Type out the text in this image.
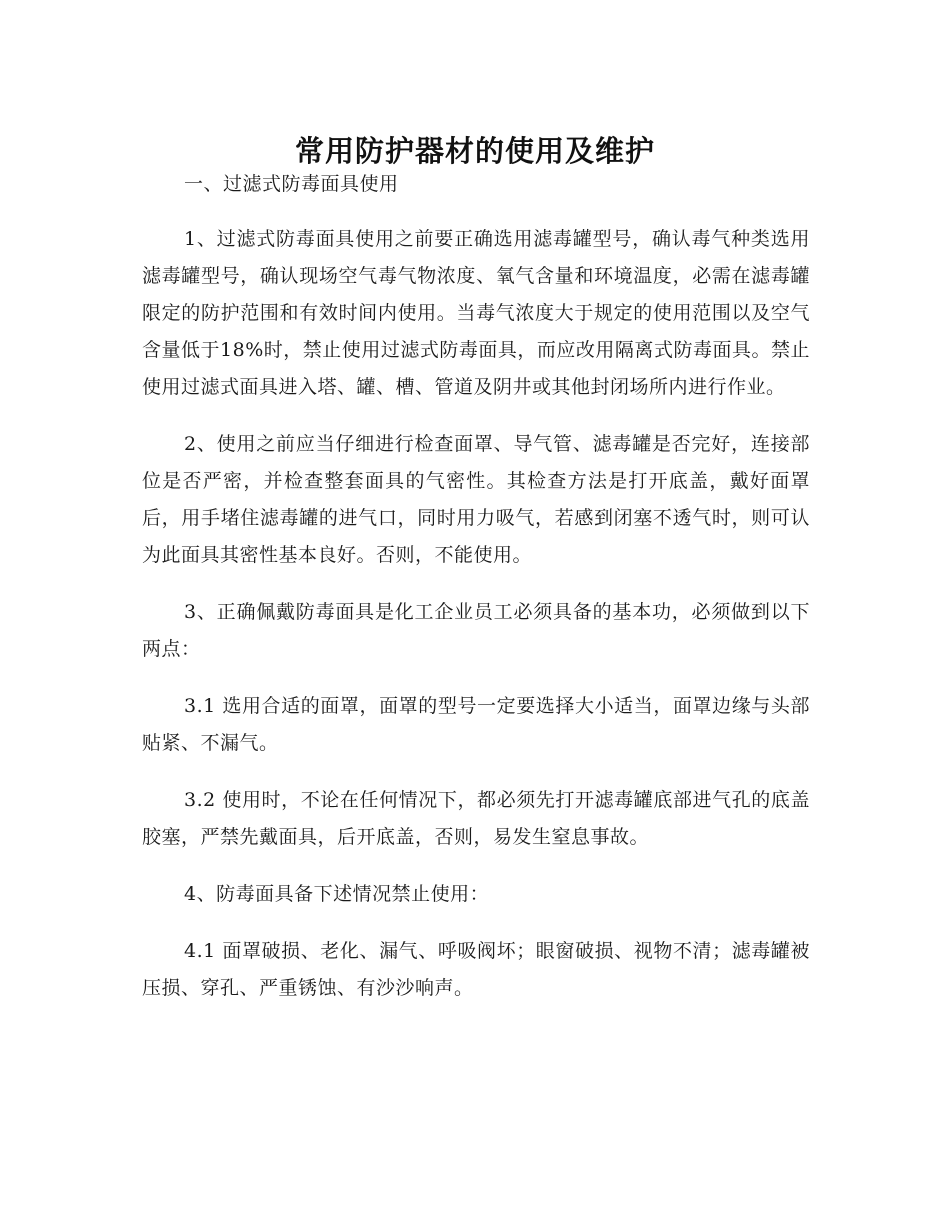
常用防护器材的使用及维护

一、过滤式防毒面具使用

1、过滤式防毒面具使用之前要正确选用滤毒罐型号，确认毒气种类选用滤毒罐型号，确认现场空气毒气物浓度、氧气含量和环境温度，必需在滤毒罐限定的防护范围和有效时间内使用。当毒气浓度大于规定的使用范围以及空气含量低于18%时，禁止使用过滤式防毒面具，而应改用隔离式防毒面具。禁止使用过滤式面具进入塔、罐、槽、管道及阴井或其他封闭场所内进行作业。

2、使用之前应当仔细进行检查面罩、导气管、滤毒罐是否完好，连接部位是否严密，并检查整套面具的气密性。其检查方法是打开底盖，戴好面罩后，用手堵住滤毒罐的进气口，同时用力吸气，若感到闭塞不透气时，则可认为此面具其密性基本良好。否则，不能使用。

3、正确佩戴防毒面具是化工企业员工必须具备的基本功，必须做到以下两点：

3.1 选用合适的面罩，面罩的型号一定要选择大小适当，面罩边缘与头部贴紧、不漏气。

3.2 使用时，不论在任何情况下，都必须先打开滤毒罐底部进气孔的底盖胶塞，严禁先戴面具，后开底盖，否则，易发生窒息事故。

4、防毒面具备下述情况禁止使用：

4.1 面罩破损、老化、漏气、呼吸阀坏；眼窗破损、视物不清；滤毒罐被压损、穿孔、严重锈蚀、有沙沙响声。
